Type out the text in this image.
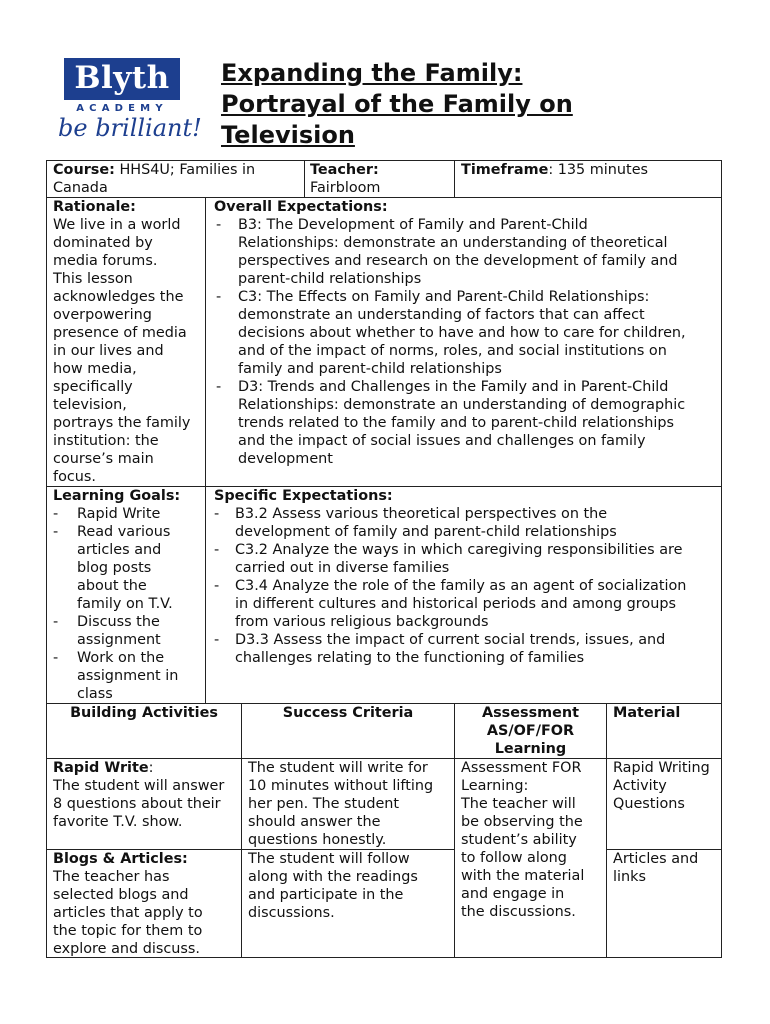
Blyth
ACADEMY
be brilliant!
Expanding the Family:
Portrayal of the Family on
Television
Course: HHS4U; Families in
Canada
Teacher:
Fairbloom
Timeframe: 135 minutes
Rationale:
We live in a world
dominated by
media forums.
This lesson
acknowledges the
overpowering
presence of media
in our lives and
how media,
specifically
television,
portrays the family
institution: the
course’s main
focus.
Overall Expectations:
- B3: The Development of Family and Parent-Child
Relationships: demonstrate an understanding of theoretical
perspectives and research on the development of family and
parent-child relationships
- C3: The Effects on Family and Parent-Child Relationships:
demonstrate an understanding of factors that can affect
decisions about whether to have and how to care for children,
and of the impact of norms, roles, and social institutions on
family and parent-child relationships
- D3: Trends and Challenges in the Family and in Parent-Child
Relationships: demonstrate an understanding of demographic
trends related to the family and to parent-child relationships
and the impact of social issues and challenges on family
development
Learning Goals:
- Rapid Write
- Read various
articles and
blog posts
about the
family on T.V.
- Discuss the
assignment
- Work on the
assignment in
class
Specific Expectations:
- B3.2 Assess various theoretical perspectives on the
development of family and parent-child relationships
- C3.2 Analyze the ways in which caregiving responsibilities are
carried out in diverse families
- C3.4 Analyze the role of the family as an agent of socialization
in different cultures and historical periods and among groups
from various religious backgrounds
- D3.3 Assess the impact of current social trends, issues, and
challenges relating to the functioning of families
Building Activities	Success Criteria	Assessment
AS/OF/FOR
Learning
Material
Rapid Write:
The student will answer
8 questions about their
favorite T.V. show.
The student will write for
10 minutes without lifting
her pen. The student
should answer the
questions honestly.
Assessment FOR
Learning:
The teacher will
be observing the
student’s ability
to follow along
with the material
and engage in
the discussions.
Rapid Writing
Activity
Questions
Blogs & Articles:
The teacher has
selected blogs and
articles that apply to
the topic for them to
explore and discuss.
The student will follow
along with the readings
and participate in the
discussions.
Articles and
links
